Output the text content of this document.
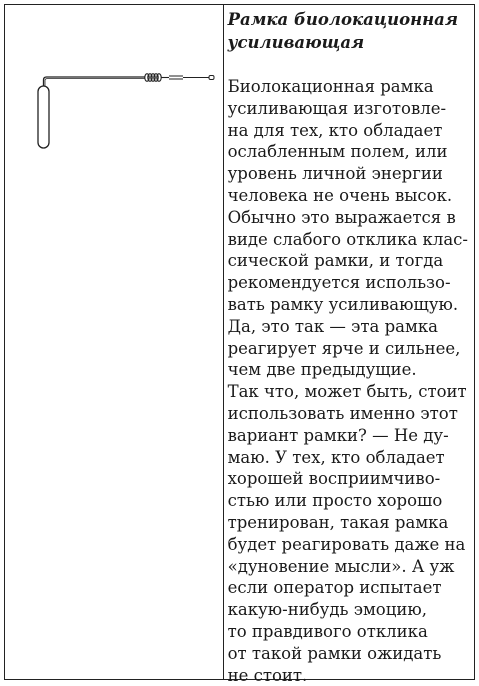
Рамка биолокационная
усиливающая

Биолокационная рамка
усиливающая изготовле-
на для тех, кто обладает
ослабленным полем, или
уровень личной энергии
человека не очень высок.
Обычно это выражается в
виде слабого отклика клас-
сической рамки, и тогда
рекомендуется использо-
вать рамку усиливающую.
Да, это так — эта рамка
реагирует ярче и сильнее,
чем две предыдущие.
Так что, может быть, стоит
использовать именно этот
вариант рамки? — Не ду-
маю. У тех, кто обладает
хорошей восприимчиво-
стью или просто хорошо
тренирован, такая рамка
будет реагировать даже на
«дуновение мысли». А уж
если оператор испытает
какую-нибудь эмоцию,
то правдивого отклика
от такой рамки ожидать
не стоит.
